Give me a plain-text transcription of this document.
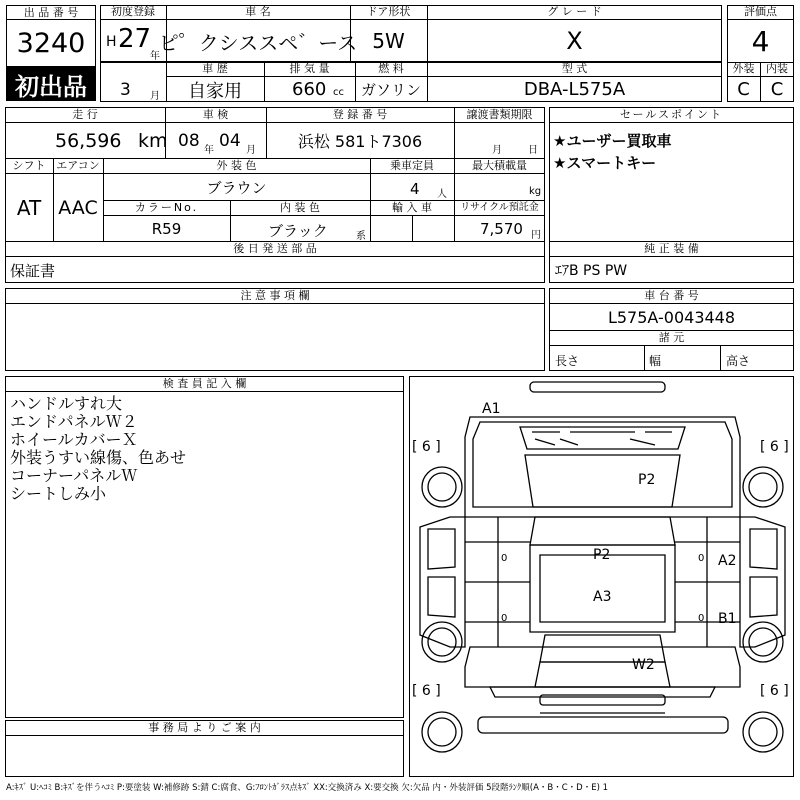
出 品 番 号
3240
初出品
初度登録
H 27
年
車 名
ピ゜クシススペ゛ース
ドア形状
5W
グ レ ー ド
X
3 月
車 歴
自家用
排 気 量
660 cc
燃 料
ガソリン
型 式
DBA-L575A
評価点
4
外装	内装
C	C
走 行
56,596 km
車 検
08 年 04 月
登 録 番 号
浜松 581ト7306
譲渡書類期限
月	日
シフト
AT
エアコン
AAC
外 装 色
ブラウン
乗車定員
4 人
最大積載量
kg
カラーNo.
R59
内 装 色
ブラック	系
輸 入 車	リサイクル預託金
7,570 円
後 日 発 送 部 品
保証書
セールスポイント
★ユーザー買取車
★スマートキー
純 正 装 備
ｴｱB PS PW
注 意 事 項 欄	車 台 番 号
L575A-0043448
諸 元
長さ	幅	高さ
検 査 員 記 入 欄
ハンドルすれ大
エンドパネルＷ２
ホイールカバーＸ
外装うすい線傷、色あせ
コーナーパネルＷ
シートしみ小
事 務 局 よ り ご 案 内
A1
P2
P2
A3
A2
B1
W2
[ 6 ]	[ 6 ]
[ 6 ]	[ 6 ]
0	0
0	0
A:ｷｽﾞ U:ﾍｺﾐ B:ｷｽﾞを伴うﾍｺﾐ P:要塗装 W:補修跡 S:錆 C:腐食、G:ﾌﾛﾝﾄｶﾞﾗｽ点ｷｽﾞ XX:交換済み X:要交換 欠:欠品 内・外装評価 5段階ﾗﾝｸ順(A・B・C・D・E) 1
